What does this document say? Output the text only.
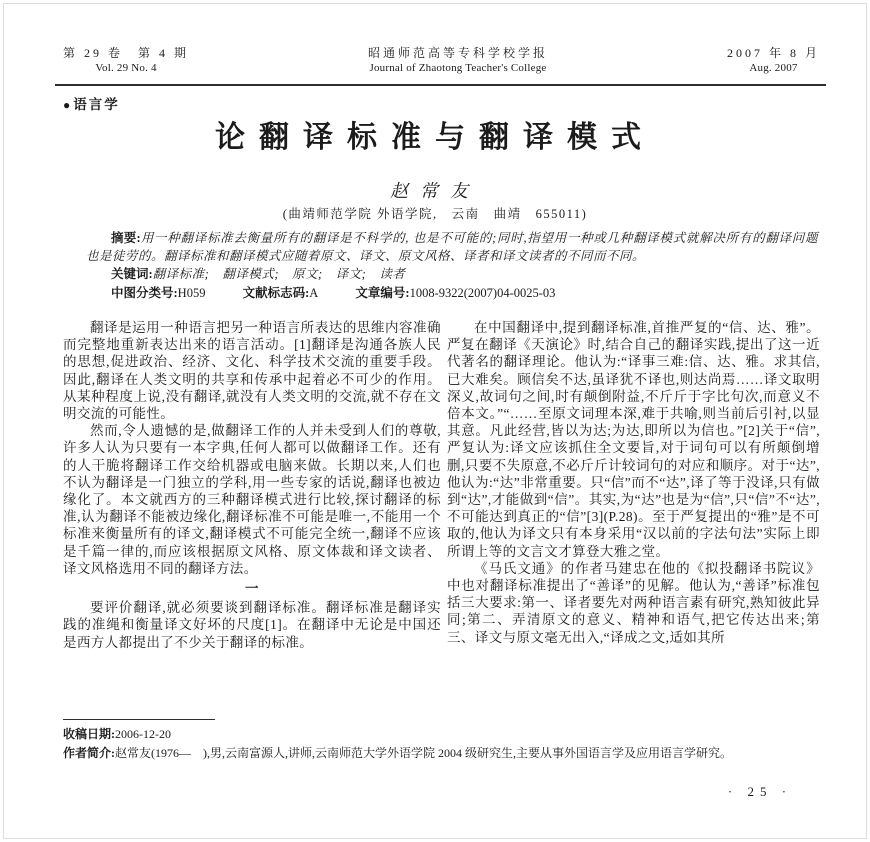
第 29 卷　第 4 期
Vol. 29 No. 4
昭通师范高等专科学校学报
Journal of Zhaotong Teacher's College
2007 年 8 月
Aug. 2007
●语言学
论翻译标准与翻译模式
赵常友
(曲靖师范学院 外语学院,　云南　曲靖　655011)

摘要:用一种翻译标准去衡量所有的翻译是不科学的, 也是不可能的;同时,指望用一种或几种翻译模式就解决所有的翻译问题也是徒劳的。翻译标准和翻译模式应随着原文、译文、原文风格、译者和译文读者的不同而不同。

关键词:翻译标准;　翻译模式;　原文;　译文;　读者

中图分类号:H059	文献标志码:A	文章编号:1008-9322(2007)04-0025-03

翻译是运用一种语言把另一种语言所表达的思维内容准确而完整地重新表达出来的语言活动。[1]翻译是沟通各族人民的思想,促进政治、经济、文化、科学技术交流的重要手段。因此,翻译在人类文明的共享和传承中起着必不可少的作用。从某种程度上说,没有翻译,就没有人类文明的交流,就不存在文明交流的可能性。

然而,令人遗憾的是,做翻译工作的人并未受到人们的尊敬,许多人认为只要有一本字典,任何人都可以做翻译工作。还有的人干脆将翻译工作交给机器或电脑来做。长期以来,人们也不认为翻译是一门独立的学科,用一些专家的话说,翻译也被边缘化了。本文就西方的三种翻译模式进行比较,探讨翻译的标准,认为翻译不能被边缘化,翻译标准不可能是唯一,不能用一个标准来衡量所有的译文,翻译模式不可能完全统一,翻译不应该是千篇一律的,而应该根据原文风格、原文体裁和译文读者、译文风格选用不同的翻译方法。

一

要评价翻译,就必须要谈到翻译标准。翻译标准是翻译实践的准绳和衡量译文好坏的尺度[1]。在翻译中无论是中国还是西方人都提出了不少关于翻译的标准。

在中国翻译中,提到翻译标准,首推严复的“信、达、雅”。严复在翻译《天演论》时,结合自己的翻译实践,提出了这一近代著名的翻译理论。他认为:“译事三难:信、达、雅。求其信,已大难矣。顾信矣不达,虽译犹不译也,则达尚焉……译文取明深义,故词句之间,时有颠倒附益,不斤斤于字比句次,而意义不倍本文。”“……至原文词理本深,难于共喻,则当前后引衬,以显其意。凡此经营,皆以为达;为达,即所以为信也。”[2]关于“信”,严复认为:译文应该抓住全文要旨,对于词句可以有所颠倒增删,只要不失原意,不必斤斤计较词句的对应和顺序。对于“达”,他认为:“达”非常重要。只“信”而不“达”,译了等于没译,只有做到“达”,才能做到“信”。其实,为“达”也是为“信”,只“信”不“达”,不可能达到真正的“信”[3](P.28)。至于严复提出的“雅”是不可取的,他认为译文只有本身采用“汉以前的字法句法”实际上即所谓上等的文言文才算登大雅之堂。

《马氏文通》的作者马建忠在他的《拟投翻译书院议》中也对翻译标准提出了“善译”的见解。他认为,“善译”标准包括三大要求:第一、译者要先对两种语言素有研究,熟知彼此异同;第二、弄清原文的意义、精神和语气,把它传达出来;第三、译文与原文毫无出入,“译成之文,适如其所

收稿日期:2006-12-20
作者简介:赵常友(1976—　),男,云南富源人,讲师,云南师范大学外语学院 2004 级研究生,主要从事外国语言学及应用语言学研究。
· 25 ·
